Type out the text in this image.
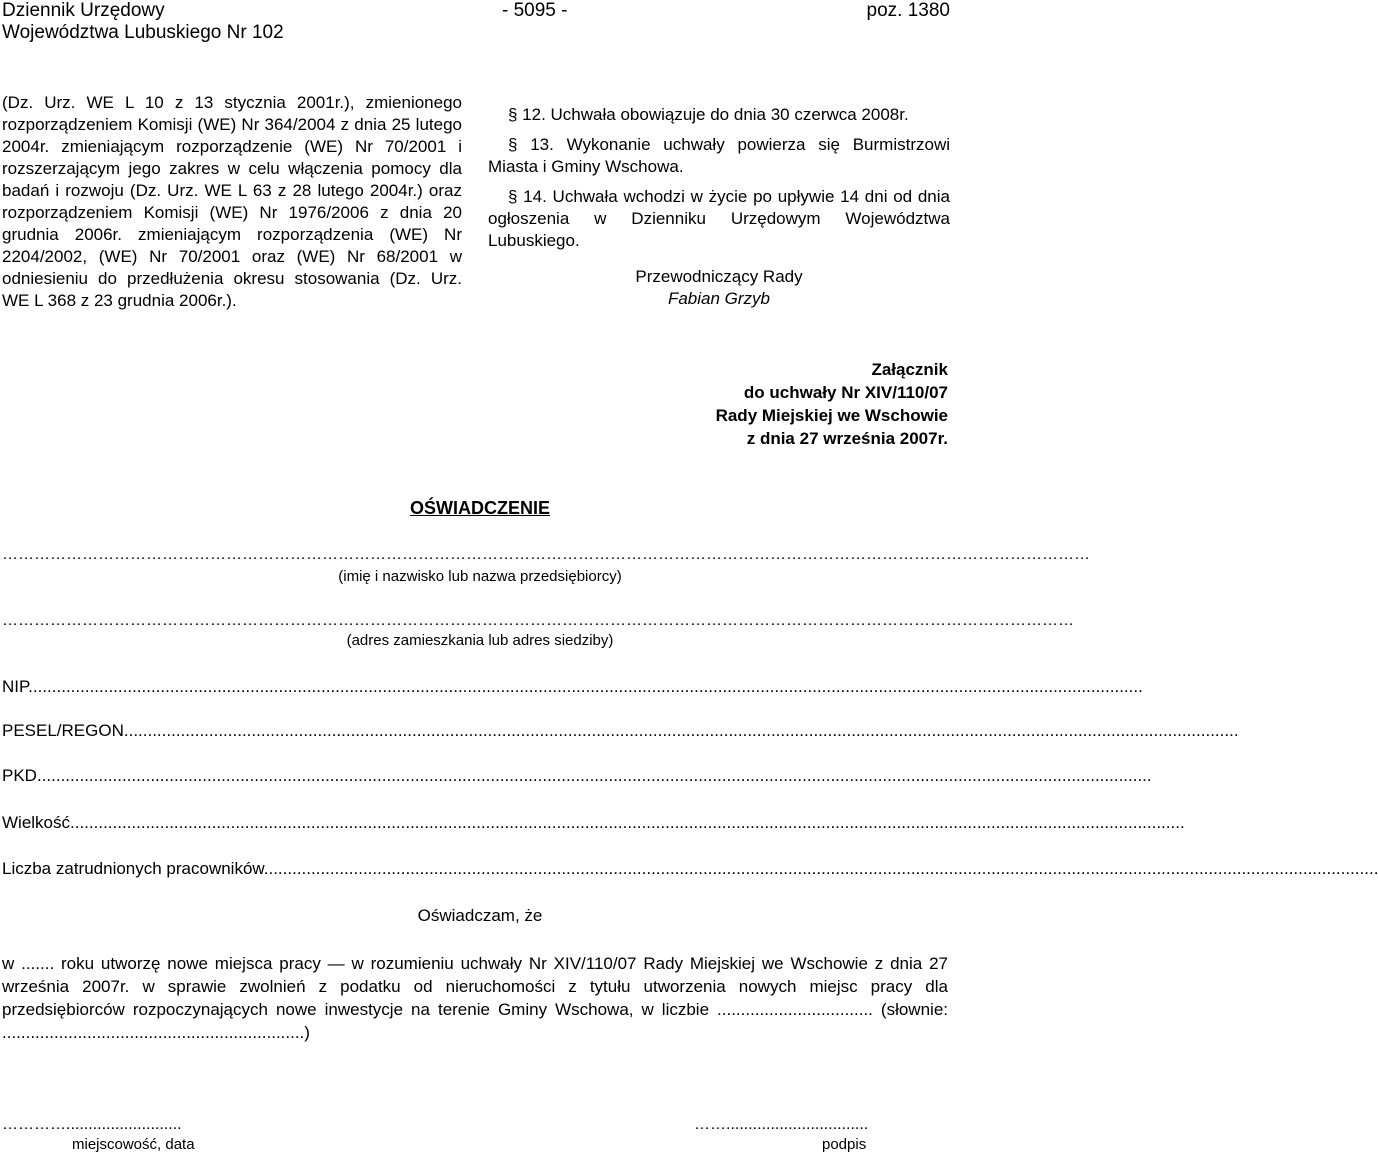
Dziennik Urzędowy
Województwa Lubuskiego Nr 102
- 5095 -	poz. 1380

(Dz. Urz. WE L 10 z 13 stycznia 2001r.), zmienionego rozporządzeniem Komisji (WE) Nr 364/2004 z dnia 25 lutego 2004r. zmieniającym rozporządzenie (WE) Nr 70/2001 i rozszerzającym jego zakres w celu włączenia pomocy dla badań i rozwoju (Dz. Urz. WE L 63 z 28 lutego 2004r.) oraz rozporządzeniem Komisji (WE) Nr 1976/2006 z dnia 20 grudnia 2006r. zmieniającym rozporządzenia (WE) Nr 2204/2002, (WE) Nr 70/2001 oraz (WE) Nr 68/2001 w odniesieniu do przedłużenia okresu stosowania (Dz. Urz. WE L 368 z 23 grudnia 2006r.).

§ 12. Uchwała obowiązuje do dnia 30 czerwca 2008r.

§ 13. Wykonanie uchwały powierza się Burmistrzowi Miasta i Gminy Wschowa.

§ 14. Uchwała wchodzi w życie po upływie 14 dni od dnia ogłoszenia w Dzienniku Urzędowym Województwa Lubuskiego.

Przewodniczący Rady
Fabian Grzyb
Załącznik
do uchwały Nr XIV/110/07
Rady Miejskiej we Wschowie
z dnia 27 września 2007r.
OŚWIADCZENIE
……………………………………………………………………………………………………………………………………………………………………………………
(imię i nazwisko lub nazwa przedsiębiorcy)
…………………………………………………………………………………………………………………………………………………………………………………
(adres zamieszkania lub adres siedziby)
NIP............................................................................................................................................................................................................................................
PESEL/REGON............................................................................................................................................................................................................................................
PKD............................................................................................................................................................................................................................................
Wielkość............................................................................................................................................................................................................................................
Liczba zatrudnionych pracowników............................................................................................................................................................................................................................................
Oświadczam, że

w ....... roku utworzę nowe miejsca pracy — w rozumieniu uchwały Nr XIV/110/07 Rady Miejskiej we Wschowie z dnia 27 września 2007r. w sprawie zwolnień z podatku od nieruchomości z tytułu utworzenia nowych miejsc pracy dla przedsiębiorców rozpoczynających nowe inwestycje na terenie Gminy Wschowa, w liczbie ................................. (słownie: ................................................................)

…………..........................
miejscowość, data
……................................
podpis
